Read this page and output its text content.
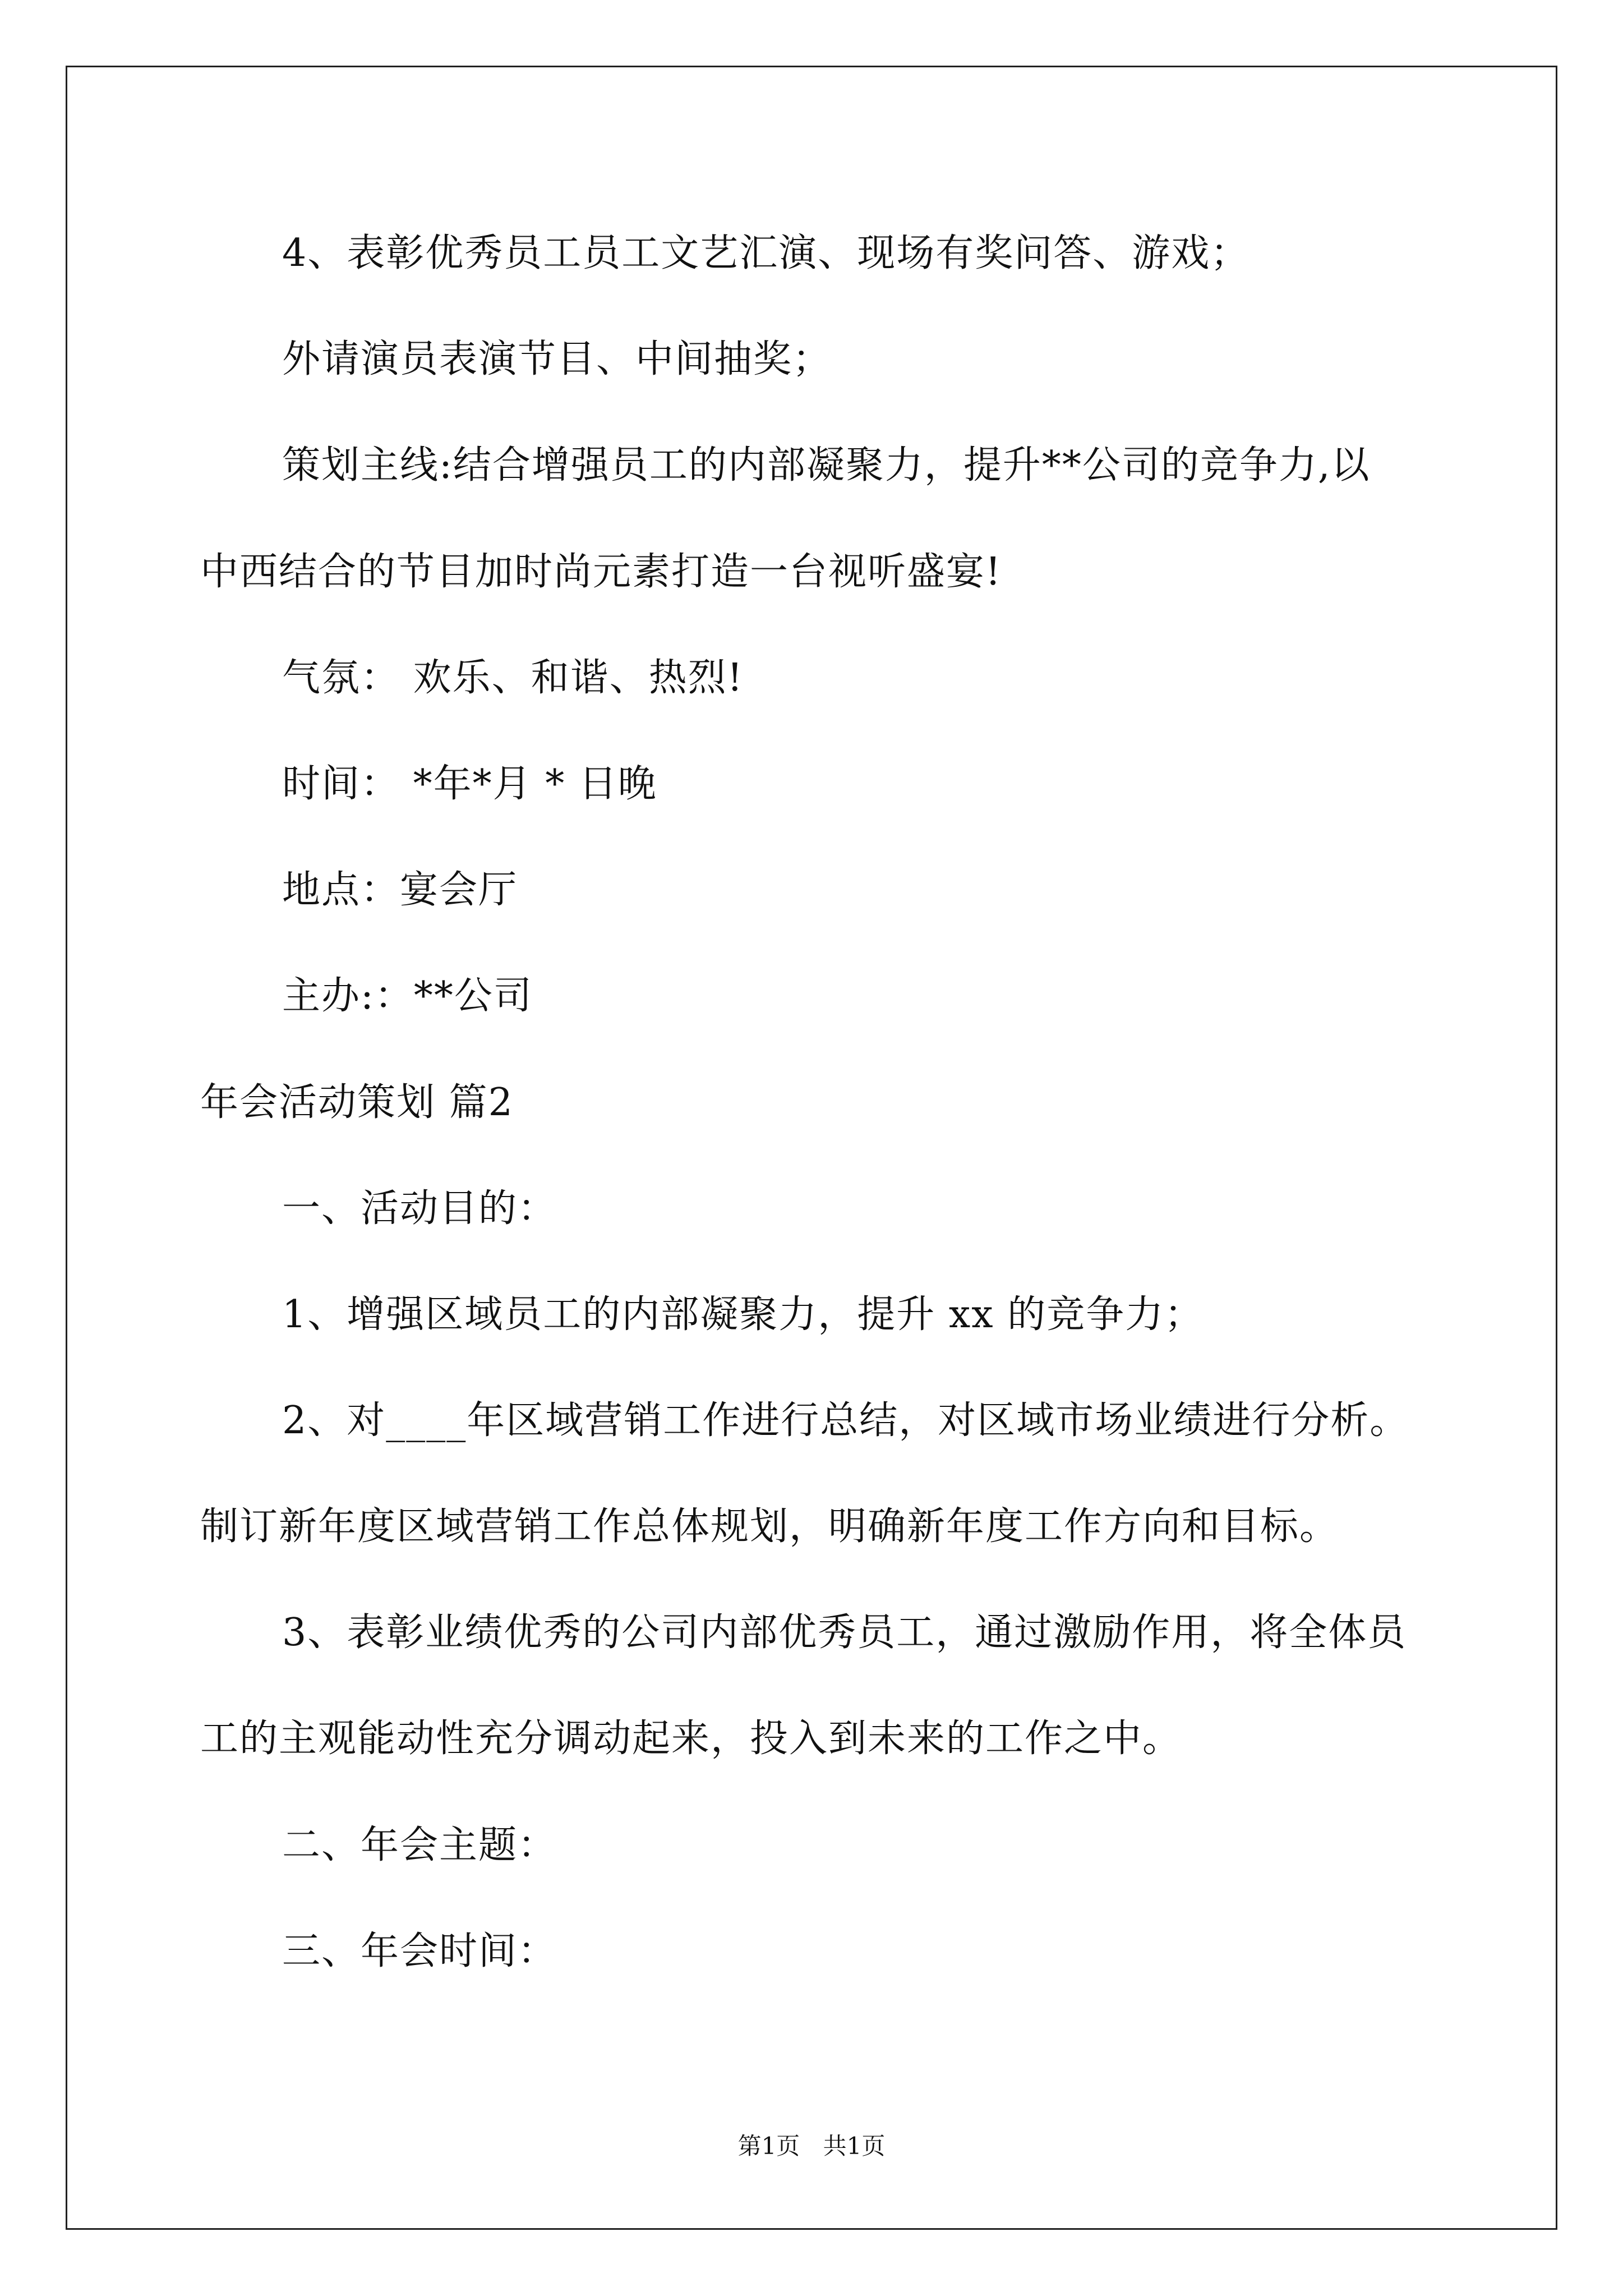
4、表彰优秀员工员工文艺汇演、现场有奖问答、游戏；
外请演员表演节目、中间抽奖；
策划主线:结合增强员工的内部凝聚力，提升**公司的竞争力,以
中西结合的节目加时尚元素打造一台视听盛宴!
气氛： 欢乐、和谐、热烈!
时间： *年*月 * 日晚
地点：宴会厅
主办:：**公司
年会活动策划 篇2
一、活动目的：
1、增强区域员工的内部凝聚力，提升 xx 的竞争力；
2、对____年区域营销工作进行总结，对区域市场业绩进行分析。
制订新年度区域营销工作总体规划，明确新年度工作方向和目标。
3、表彰业绩优秀的公司内部优秀员工，通过激励作用，将全体员
工的主观能动性充分调动起来，投入到未来的工作之中。
二、年会主题：
三、年会时间：
第1页 共1页
